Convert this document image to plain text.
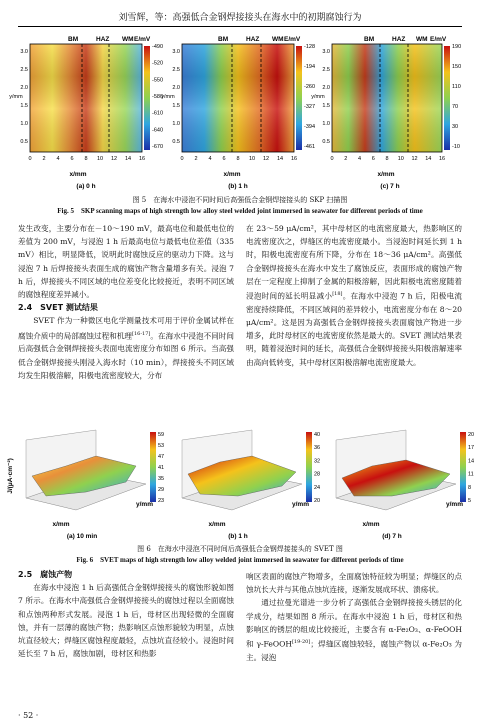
刘雪辉，等：高强低合金钢焊接接头在海水中的初期腐蚀行为
BM	HAZ WM E/mV	BM	HAZ WM E/mV	BM	HAZ WM E/mV
0 2 4 6 8 10 12 14 16
0.5
1.0
1.5
2.0
2.5
3.0
-490
-520
-550
-580
-610
-640
-670
y/mm
0 2 4 6 8 10 12 14 16
0.5
1.0
1.5
2.0
2.5
3.0
-128
-194
-260
-327
-394
-461
y/mm
0 2 4 6 8 10 12 14 16
0.5
1.0
1.5
2.0
2.5
3.0
190
150
110
70
30
-10
y/mm
x/mm	x/mm	x/mm
(a) 0 h	(b) 1 h	(c) 7 h
图 5　在海水中浸泡不同时间后高强低合金钢焊接接头的 SKP 扫描图
Fig. 5　SKP scanning maps of high strength low alloy steel welded joint immersed in seawater for different periods of time

发生改变，主要分布在－10～190 mV，最高电位和最低电位的差值为 200 mV，与浸泡 1 h 后最高电位与最低电位差值（335 mV）相比，明显降低，说明此时腐蚀反应的驱动力下降。这与浸泡 7 h 后焊接接头表面生成的腐蚀产物含量增多有关。浸泡 7 h 后，焊接接头不同区域的电位差变化比较接近，表明不同区域的腐蚀程度差异减小。

2.4　SVET 测试结果

SVET 作为一种微区电化学测量技术可用于评价金属试样在腐蚀介质中的局部腐蚀过程和机理[16-17]。在海水中浸泡不同时间后高强低合金钢焊接接头表面电流密度分布如图 6 所示。当高强低合金钢焊接接头刚浸入海水时（10 min），焊接接头不同区域均发生阳极溶解，阳极电流密度较大，分布

在 23～59 μA/cm²，其中母材区的电流密度最大，热影响区的电流密度次之，焊缝区的电流密度最小。当浸泡时间延长到 1 h 时，阳极电流密度有所下降，分布在 18～36 μA/cm²。高强低合金钢焊接接头在海水中发生了腐蚀反应，表面形成的腐蚀产物层在一定程度上抑制了金属的阳极溶解，因此阳极电流密度随着浸泡时间的延长明显减小[18]。在海水中浸泡 7 h 后，阳极电流密度持续降低，不同区域间的差异较小，电流密度分布在 8～20 μA/cm²。这是因为高强低合金钢焊接接头表面腐蚀产物进一步增多，此时母材区的电流密度依然是最大的。SVET 测试结果表明，随着浸泡时间的延长，高强低合金钢焊接接头阳极溶解速率由高向低转变，其中母材区阳极溶解电流密度最大。

J/(μA·cm⁻²)
x/mm
y/mm
(a) 10 min
x/mm
y/mm
(b) 1 h
x/mm
y/mm
(d) 7 h
59
53
47
41
35
29
23
40
36
32
28
24
20
20
17
14
11
8
5
图 6　在海水中浸泡不同时间后高强低合金钢焊接接头的 SVET 图
Fig. 6　SVET maps of high strength low alloy welded joint immersed in seawater for different periods of time

2.5　腐蚀产物

在海水中浸泡 1 h 后高强低合金钢焊接接头的腐蚀形貌如图 7 所示。在海水中高强低合金钢焊接接头的腐蚀过程以全面腐蚀和点蚀两种形式发展。浸泡 1 h 后，母材区出现轻微的全面腐蚀，并有一层薄的腐蚀产物；热影响区点蚀形貌较为明显，点蚀坑直径较大；焊缝区腐蚀程度最轻，点蚀坑直径较小。浸泡时间延长至 7 h 后，腐蚀加剧，母材区和热影

响区表面的腐蚀产物增多，全面腐蚀特征较为明显；焊缝区的点蚀坑长大并与其他点蚀坑连接，逐渐发展成环状、溃疡状。

通过拉曼光谱进一步分析了高强低合金钢焊接接头锈层的化学成分，结果如图 8 所示。在海水中浸泡 1 h 后，母材区和热影响区的锈层的组成比较接近，主要含有 α-Fe₂O₃、α-FeOOH 和 γ-FeOOH[19-20]；焊缝区腐蚀较轻，腐蚀产物以 α-Fe₂O₃ 为主。浸泡

· 52 ·
